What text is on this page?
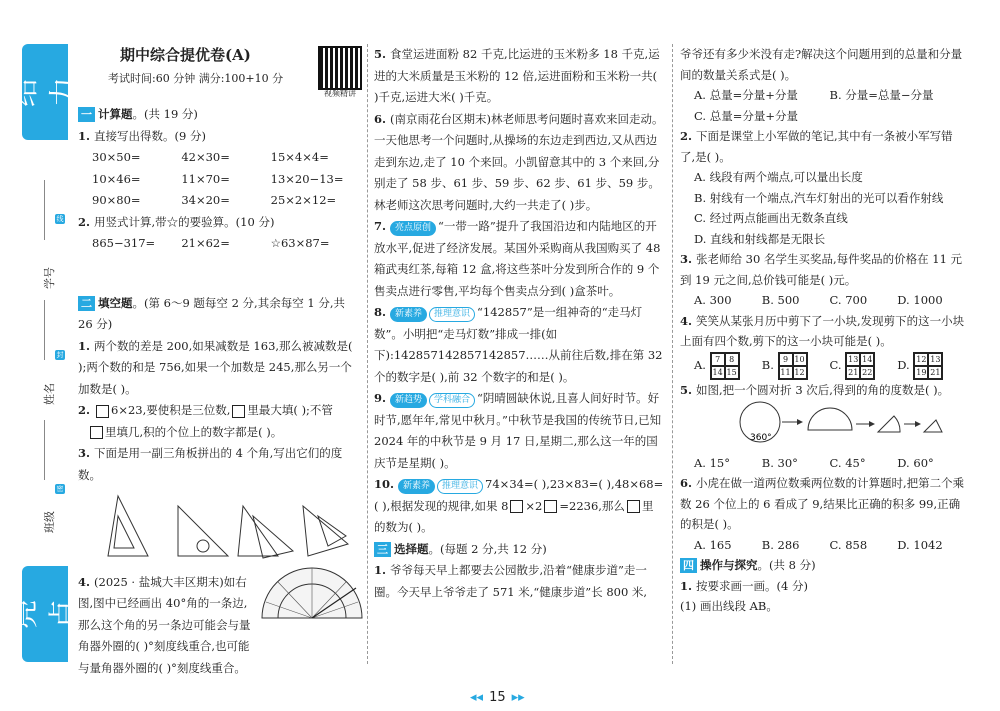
给力
亮点
学号
姓名
班级
线
封
密
期中综合提优卷(A)
考试时间:60 分钟 满分:100+10 分
视频精讲

一 计算题。(共 19 分)

1. 直接写出得数。(9 分)

30×50=	42×30=	15×4×4=
10×46=	11×70=	13×20−13=
90×80=	34×20=	25×2×12=

2. 用竖式计算,带☆的要验算。(10 分)

865−317=	21×62=	☆63×87=

二 填空题。(第 6～9 题每空 2 分,其余每空 1 分,共 26 分)

1. 两个数的差是 200,如果减数是 163,那么被减数是( );两个数的和是 756,如果一个加数是 245,那么另一个加数是( )。

2. 6×23,要使积是三位数, 里最大填( );不管
里填几,积的个位上的数字都是( )。

3. 下面是用一副三角板拼出的 4 个角,写出它们的度数。

4. (2025 · 盐城大丰区期末)如右图,图中已经画出 40°角的一条边,那么这个角的另一条边可能会与量角器外圈的( )°刻度线重合,也可能与量角器外圈的( )°刻度线重合。

5. 食堂运进面粉 82 千克,比运进的玉米粉多 18 千克,运进的大米质量是玉米粉的 12 倍,运进面粉和玉米粉一共( )千克,运进大米( )千克。

6. (南京雨花台区期末)林老师思考问题时喜欢来回走动。一天他思考一个问题时,从操场的东边走到西边,又从西边走到东边,走了 10 个来回。小凯留意其中的 3 个来回,分别走了 58 步、61 步、59 步、62 步、61 步、59 步。林老师这次思考问题时,大约一共走了( )步。

7. 亮点原创 “一带一路”提升了我国沿边和内陆地区的开放水平,促进了经济发展。某国外采购商从我国购买了 48 箱武夷红茶,每箱 12 盒,将这些茶叶分发到所合作的 9 个售卖点进行零售,平均每个售卖点分到( )盒茶叶。

8. 新素养 推理意识 “142857”是一组神奇的“走马灯数”。小明把“走马灯数”排成一排(如下):142857142857142857……从前往后数,排在第 32 个的数字是( ),前 32 个数字的和是( )。

9. 新趋势 学科融合 “阴晴圆缺休说,且喜人间好时节。好时节,愿年年,常见中秋月。”中秋节是我国的传统节日,已知 2024 年的中秋节是 9 月 17 日,星期二,那么这一年的国庆节是星期( )。

10. 新素养 推理意识 74×34=( ),23×83=( ),48×68=( ),根据发现的规律,如果 8 ×2 =2236,那么 里的数为( )。

三 选择题。(每题 2 分,共 12 分)

1. 爷爷每天早上都要去公园散步,沿着“健康步道”走一圈。今天早上爷爷走了 571 米,“健康步道”长 800 米,

爷爷还有多少米没有走?解决这个问题用到的总量和分量间的数量关系式是( )。

A. 总量=分量+分量	B. 分量=总量−分量
C. 总量=分量+分量

2. 下面是课堂上小军做的笔记,其中有一条被小军写错了,是( )。

A. 线段有两个端点,可以量出长度
B. 射线有一个端点,汽车灯射出的光可以看作射线
C. 经过两点能画出无数条直线
D. 直线和射线都是无限长

3. 张老师给 30 名学生买奖品,每件奖品的价格在 11 元到 19 元之间,总价钱可能是( )元。

A. 300	B. 500	C. 700	D. 1000

4. 笑笑从某张月历中剪下了一小块,发现剪下的这一小块上面有四个数,剪下的这一小块可能是( )。

A.	7	8
14 15
B.	9 10
11 12
C. 13 14
21 22
D. 12 13
19 21

5. 如图,把一个圆对折 3 次后,得到的角的度数是( )。

360°
A. 15°	B. 30°	C. 45°	D. 60°

6. 小虎在做一道两位数乘两位数的计算题时,把第二个乘数 26 个位上的 6 看成了 9,结果比正确的积多 99,正确的积是( )。

A. 165	B. 286	C. 858	D. 1042

四 操作与探究。(共 8 分)

1. 按要求画一画。(4 分)

(1) 画出线段 AB。

◂◂ 15 ▸▸
